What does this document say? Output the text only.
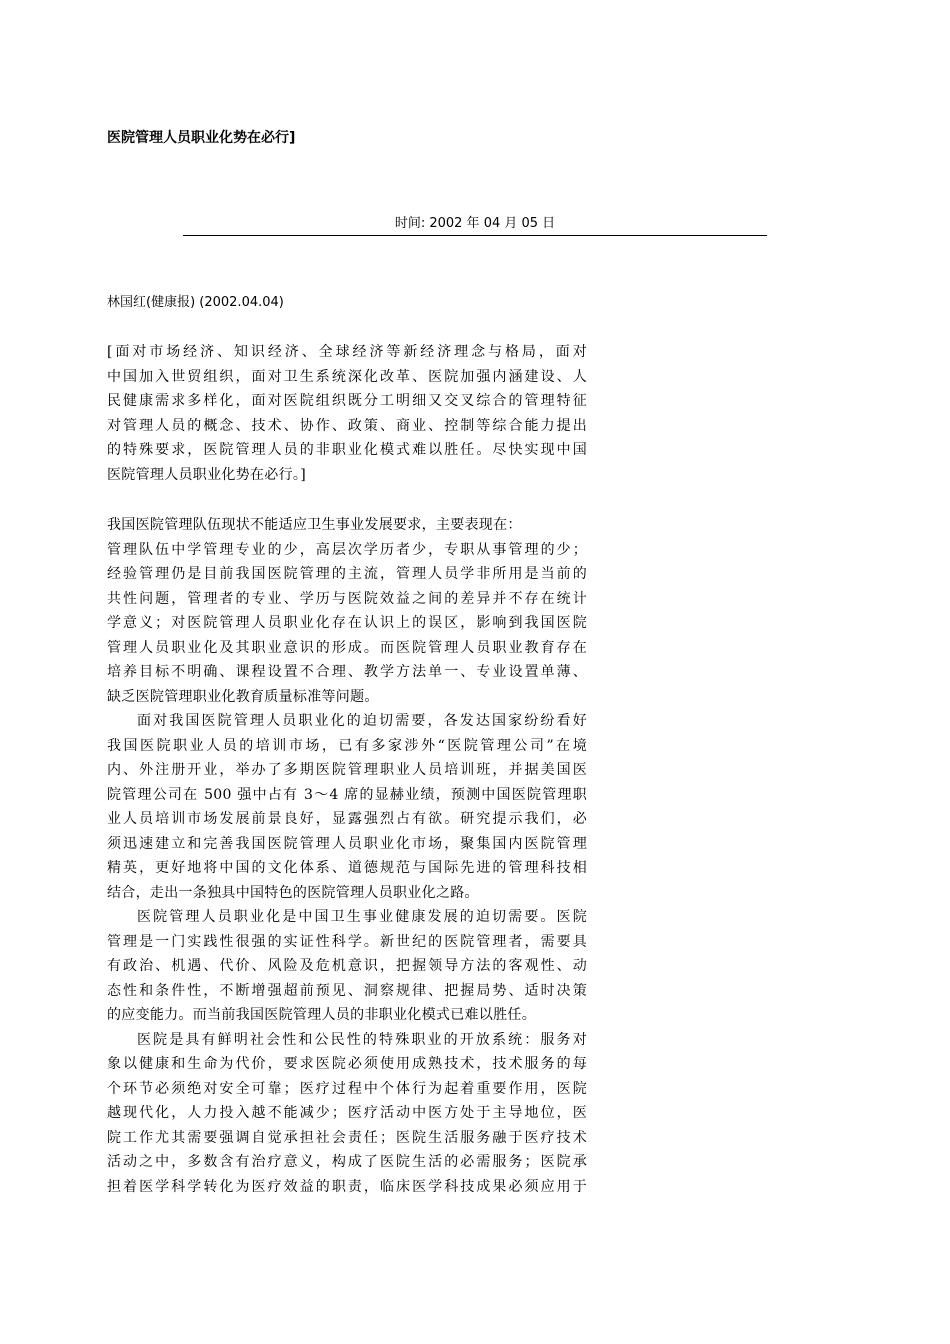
医院管理人员职业化势在必行]
时间: 2002 年 04 月 05 日
林国红(健康报) (2002.04.04)
[面对市场经济、知识经济、全球经济等新经济理念与格局，面对
中国加入世贸组织，面对卫生系统深化改革、医院加强内涵建设、人
民健康需求多样化，面对医院组织既分工明细又交叉综合的管理特征
对管理人员的概念、技术、协作、政策、商业、控制等综合能力提出
的特殊要求，医院管理人员的非职业化模式难以胜任。尽快实现中国
医院管理人员职业化势在必行。]
我国医院管理队伍现状不能适应卫生事业发展要求，主要表现在：
管理队伍中学管理专业的少，高层次学历者少，专职从事管理的少；
经验管理仍是目前我国医院管理的主流，管理人员学非所用是当前的
共性问题，管理者的专业、学历与医院效益之间的差异并不存在统计
学意义；对医院管理人员职业化存在认识上的误区，影响到我国医院
管理人员职业化及其职业意识的形成。而医院管理人员职业教育存在
培养目标不明确、课程设置不合理、教学方法单一、专业设置单薄、
缺乏医院管理职业化教育质量标准等问题。
面对我国医院管理人员职业化的迫切需要，各发达国家纷纷看好
我国医院职业人员的培训市场，已有多家涉外“医院管理公司”在境
内、外注册开业，举办了多期医院管理职业人员培训班，并据美国医
院管理公司在 500 强中占有 3～4 席的显赫业绩，预测中国医院管理职
业人员培训市场发展前景良好，显露强烈占有欲。研究提示我们，必
须迅速建立和完善我国医院管理人员职业化市场，聚集国内医院管理
精英，更好地将中国的文化体系、道德规范与国际先进的管理科技相
结合，走出一条独具中国特色的医院管理人员职业化之路。
医院管理人员职业化是中国卫生事业健康发展的迫切需要。医院
管理是一门实践性很强的实证性科学。新世纪的医院管理者，需要具
有政治、机遇、代价、风险及危机意识，把握领导方法的客观性、动
态性和条件性，不断增强超前预见、洞察规律、把握局势、适时决策
的应变能力。而当前我国医院管理人员的非职业化模式已难以胜任。
医院是具有鲜明社会性和公民性的特殊职业的开放系统：服务对
象以健康和生命为代价，要求医院必须使用成熟技术，技术服务的每
个环节必须绝对安全可靠；医疗过程中个体行为起着重要作用，医院
越现代化，人力投入越不能减少；医疗活动中医方处于主导地位，医
院工作尤其需要强调自觉承担社会责任；医院生活服务融于医疗技术
活动之中，多数含有治疗意义，构成了医院生活的必需服务；医院承
担着医学科学转化为医疗效益的职责，临床医学科技成果必须应用于
